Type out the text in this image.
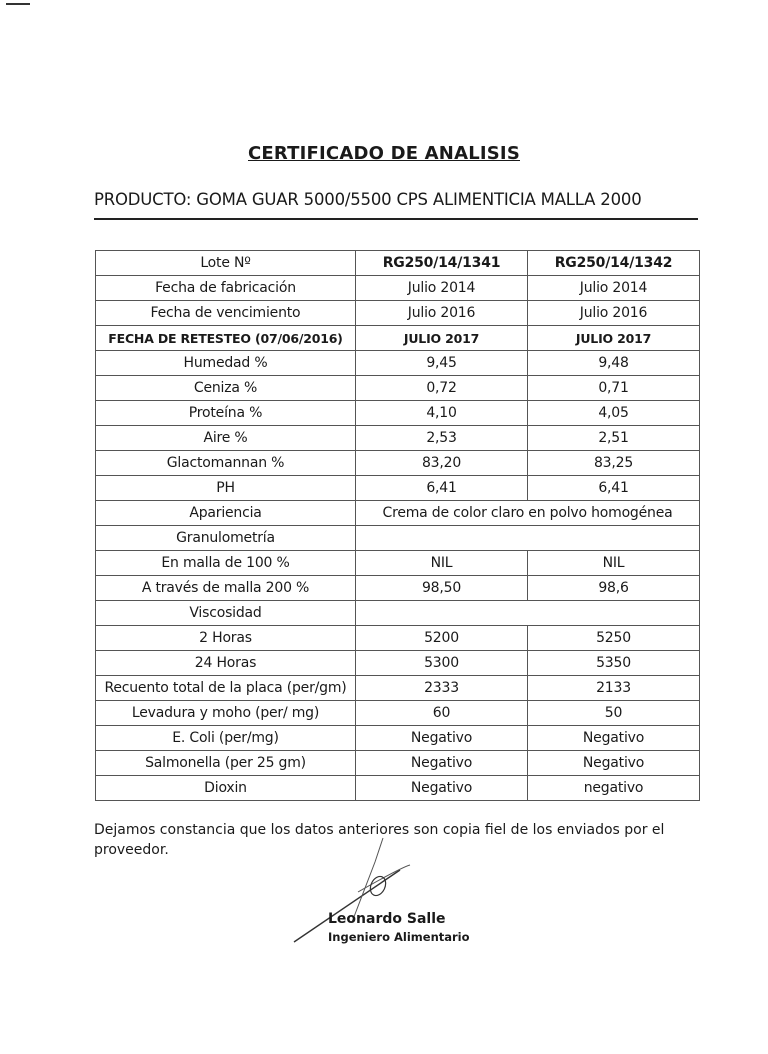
CERTIFICADO DE ANALISIS
PRODUCTO: GOMA GUAR 5000/5500 CPS ALIMENTICIA MALLA 2000
Lote Nº	RG250/14/1341	RG250/14/1342
Fecha de fabricación	Julio 2014	Julio 2014
Fecha de vencimiento	Julio 2016	Julio 2016
FECHA DE RETESTEO (07/06/2016)	JULIO 2017	JULIO 2017
Humedad %	9,45	9,48
Ceniza %	0,72	0,71
Proteína %	4,10	4,05
Aire %	2,53	2,51
Glactomannan %	83,20	83,25
PH	6,41	6,41
Apariencia	Crema de color claro en polvo homogénea	
Granulometría		
En malla de 100 %	NIL	NIL
A través de malla 200 %	98,50	98,6
Viscosidad		
2 Horas	5200	5250
24 Horas	5300	5350
Recuento total de la placa (per/gm)	2333	2133
Levadura y moho (per/ mg)	60	50
E. Coli (per/mg)	Negativo	Negativo
Salmonella (per 25 gm)	Negativo	Negativo
Dioxin	Negativo	negativo
Dejamos constancia que los datos anteriores son copia fiel de los enviados por el proveedor.
Leonardo Salle
Ingeniero Alimentario
